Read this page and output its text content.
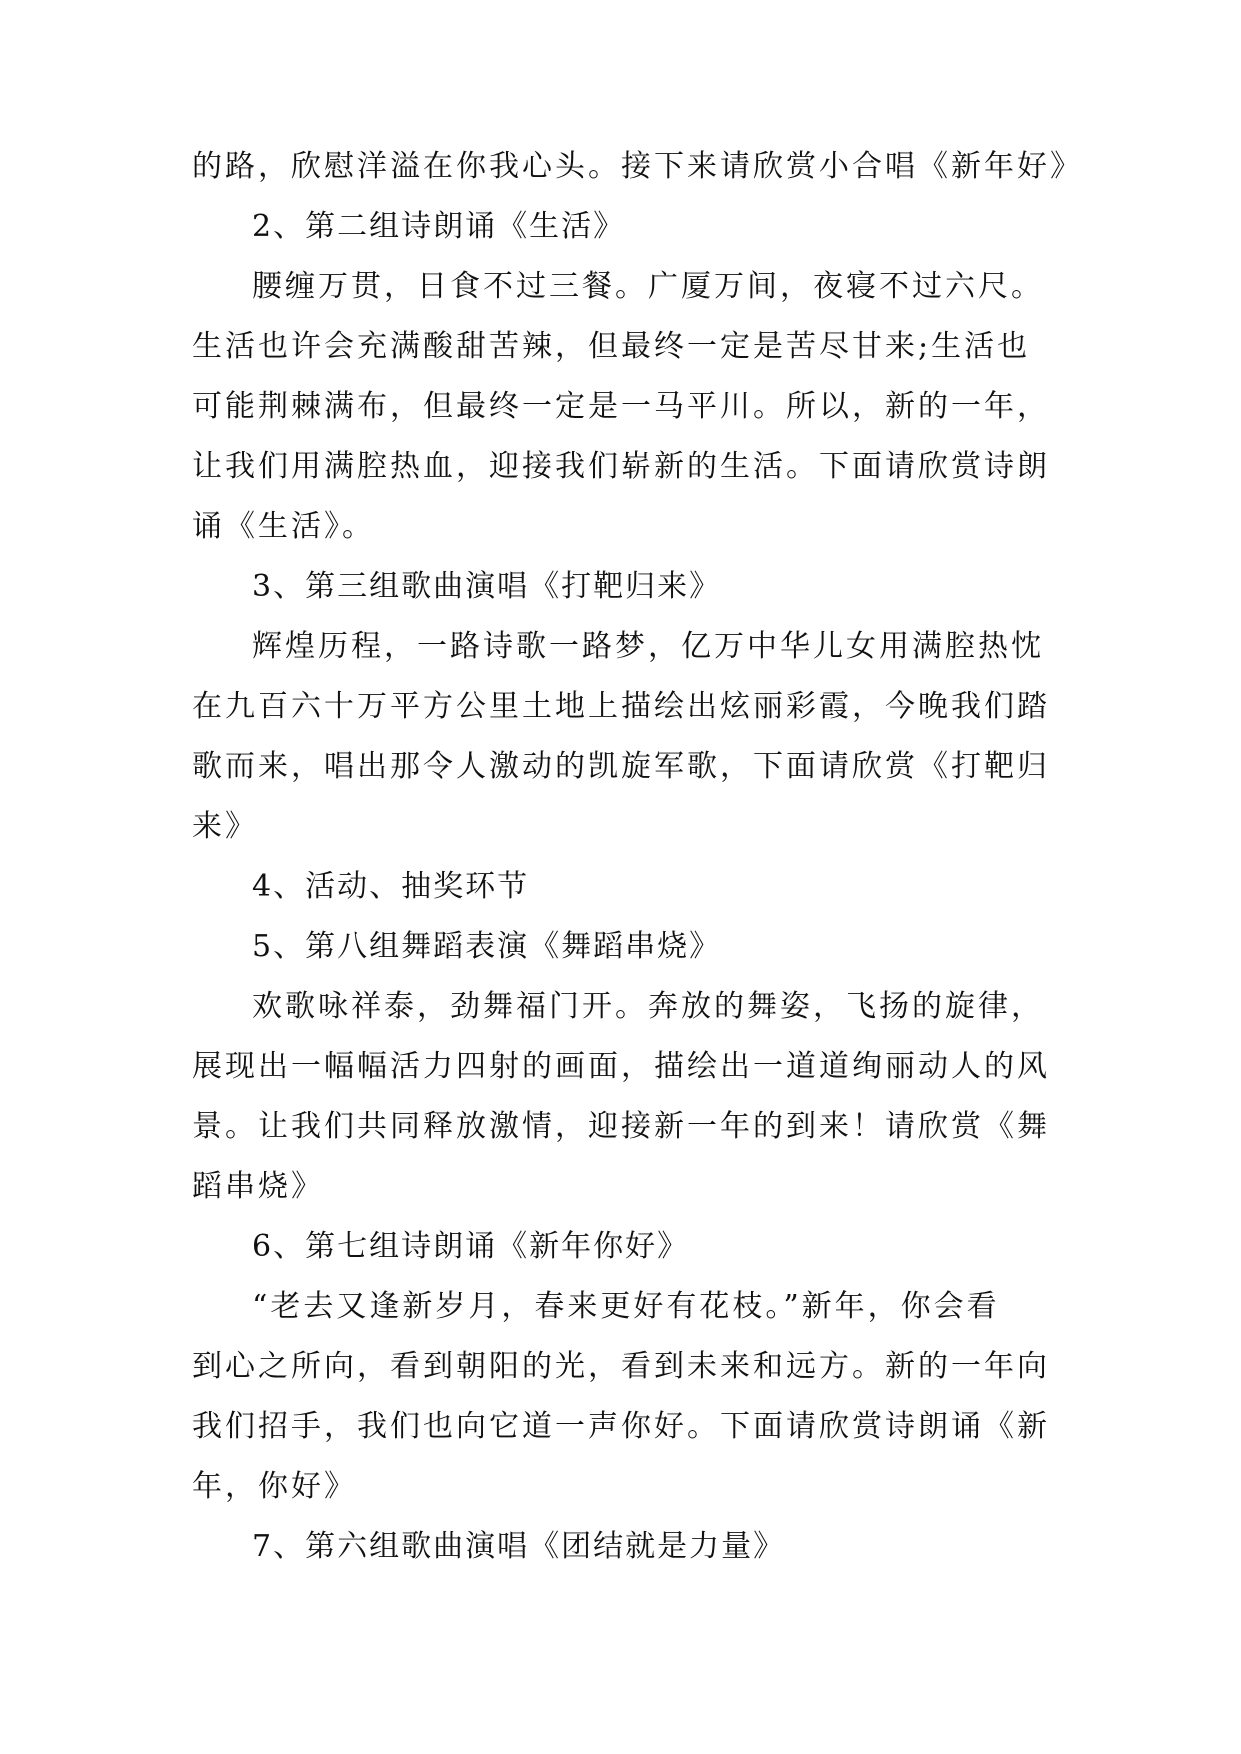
的路，欣慰洋溢在你我心头。接下来请欣赏小合唱《新年好》
2、第二组诗朗诵《生活》
腰缠万贯，日食不过三餐。广厦万间，夜寝不过六尺。
生活也许会充满酸甜苦辣，但最终一定是苦尽甘来;生活也
可能荆棘满布，但最终一定是一马平川。所以，新的一年，
让我们用满腔热血，迎接我们崭新的生活。下面请欣赏诗朗
诵《生活》。
3、第三组歌曲演唱《打靶归来》
辉煌历程，一路诗歌一路梦，亿万中华儿女用满腔热忱
在九百六十万平方公里土地上描绘出炫丽彩霞，今晚我们踏
歌而来，唱出那令人激动的凯旋军歌，下面请欣赏《打靶归
来》
4、活动、抽奖环节
5、第八组舞蹈表演《舞蹈串烧》
欢歌咏祥泰，劲舞福门开。奔放的舞姿，飞扬的旋律，
展现出一幅幅活力四射的画面，描绘出一道道绚丽动人的风
景。让我们共同释放激情，迎接新一年的到来！请欣赏《舞
蹈串烧》
6、第七组诗朗诵《新年你好》
“老去又逢新岁月，春来更好有花枝。”新年，你会看
到心之所向，看到朝阳的光，看到未来和远方。新的一年向
我们招手，我们也向它道一声你好。下面请欣赏诗朗诵《新
年，你好》
7、第六组歌曲演唱《团结就是力量》
